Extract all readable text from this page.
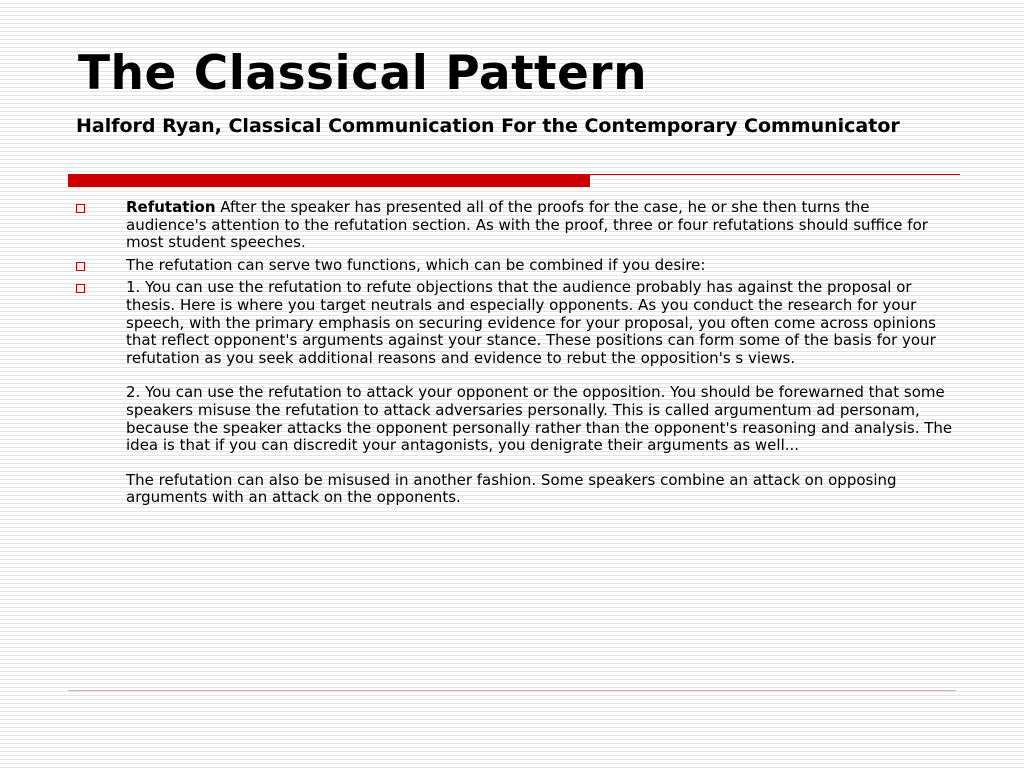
The Classical Pattern
Halford Ryan, Classical Communication For the Contemporary Communicator
Refutation After the speaker has presented all of the proofs for the case, he or she then turns the audience's attention to the refutation section. As with the proof, three or four refutations should suffice for most student speeches.
The refutation can serve two functions, which can be combined if you desire:

1. You can use the refutation to refute objections that the audience probably has against the proposal or thesis. Here is where you target neutrals and especially opponents. As you conduct the research for your speech, with the primary emphasis on securing evidence for your proposal, you often come across opinions that reflect opponent's arguments against your stance. These positions can form some of the basis for your refutation as you seek additional reasons and evidence to rebut the opposition's s views.

2. You can use the refutation to attack your opponent or the opposition. You should be forewarned that some speakers misuse the refutation to attack adversaries personally. This is called argumentum ad personam, because the speaker attacks the opponent personally rather than the opponent's reasoning and analysis. The idea is that if you can discredit your antagonists, you denigrate their arguments as well...

The refutation can also be misused in another fashion. Some speakers combine an attack on opposing arguments with an attack on the opponents.
